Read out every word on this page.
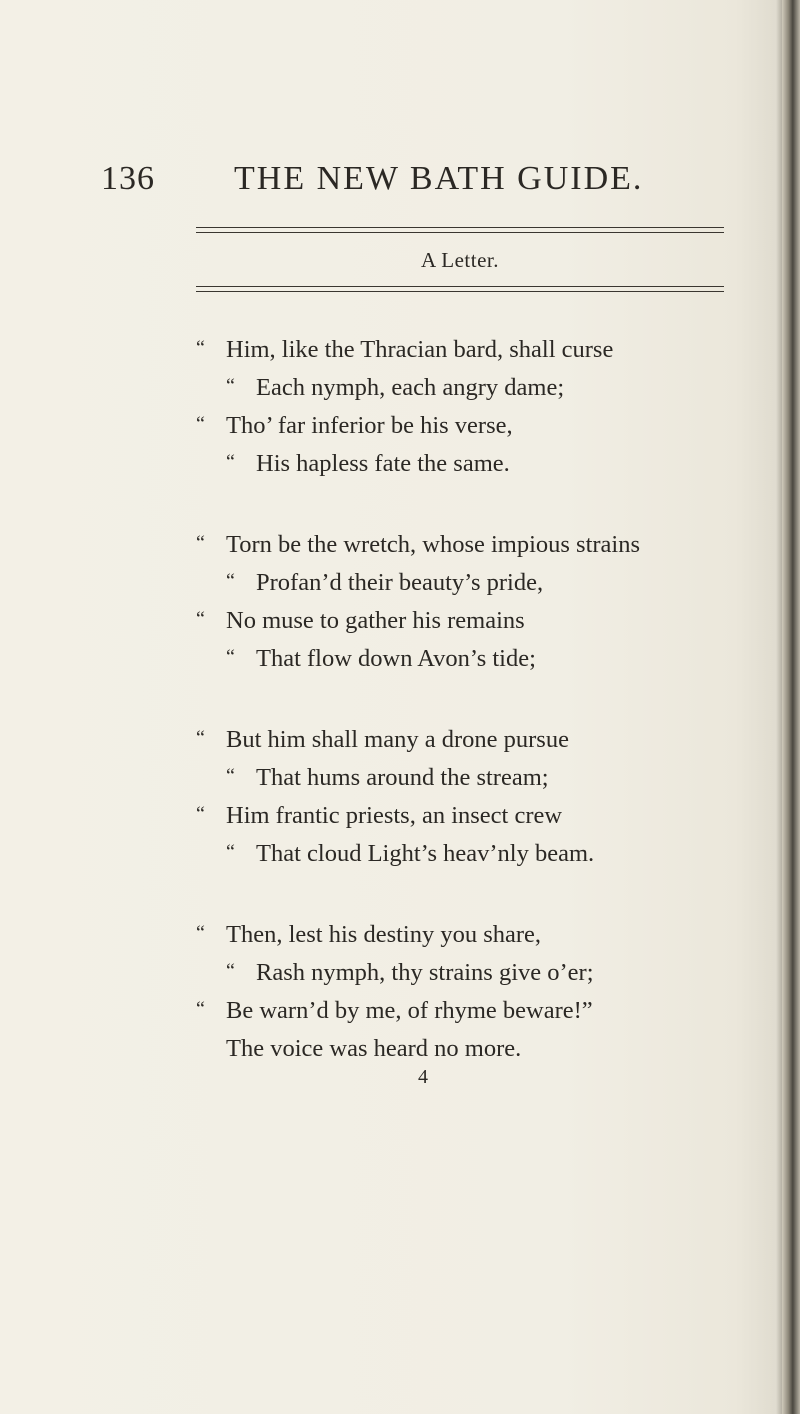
136 THE NEW BATH GUIDE.
A Letter.
“ Him, like the Thracian bard, shall curse
“ Each nymph, each angry dame;
“ Tho’ far inferior be his verse,
“ His hapless fate the same.
“ Torn be the wretch, whose impious strains
“ Profan’d their beauty’s pride,
“ No muse to gather his remains
“ That flow down Avon’s tide;
“ But him shall many a drone pursue
“ That hums around the stream;
“ Him frantic priests, an insect crew
“ That cloud Light’s heav’nly beam.
“ Then, lest his destiny you share,
“ Rash nymph, thy strains give o’er;
“ Be warn’d by me, of rhyme beware!”
The voice was heard no more.
4
